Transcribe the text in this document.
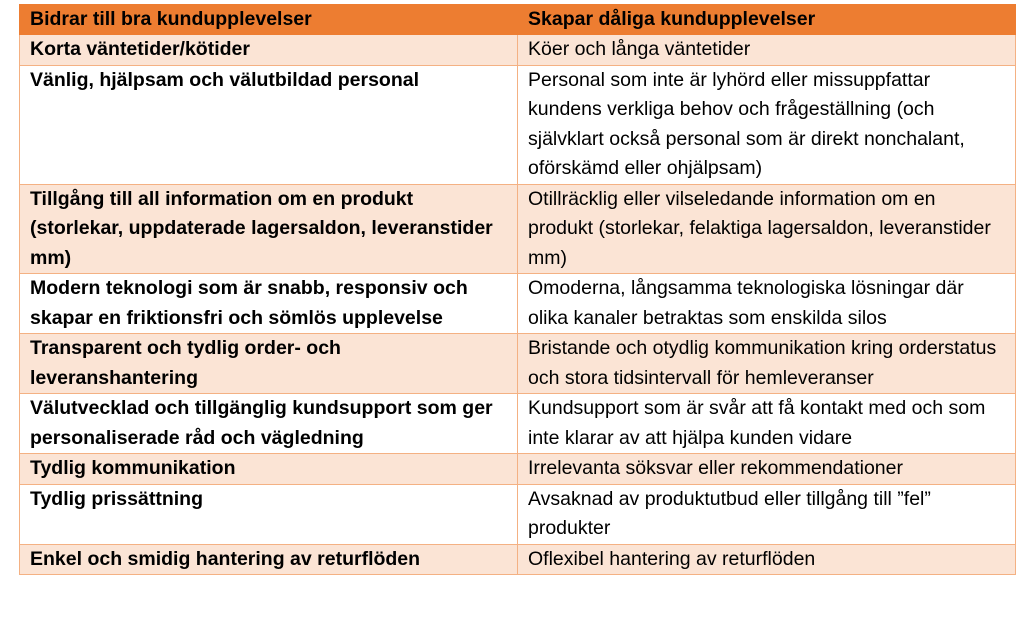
Bidrar till bra kundupplevelser	Skapar dåliga kundupplevelser
Korta väntetider/kötider	Köer och långa väntetider
Vänlig, hjälpsam och välutbildad personal	Personal som inte är lyhörd eller missuppfattar kundens verkliga behov och frågeställning (och självklart också personal som är direkt nonchalant, oförskämd eller ohjälpsam)
Tillgång till all information om en produkt (storlekar, uppdaterade lagersaldon, leveranstider mm)	Otillräcklig eller vilseledande information om en produkt (storlekar, felaktiga lagersaldon, leveranstider mm)
Modern teknologi som är snabb, responsiv och skapar en friktionsfri och sömlös upplevelse	Omoderna, långsamma teknologiska lösningar där olika kanaler betraktas som enskilda silos
Transparent och tydlig order- och leveranshantering	Bristande och otydlig kommunikation kring orderstatus och stora tidsintervall för hemleveranser
Välutvecklad och tillgänglig kundsupport som ger personaliserade råd och vägledning	Kundsupport som är svår att få kontakt med och som inte klarar av att hjälpa kunden vidare
Tydlig kommunikation	Irrelevanta söksvar eller rekommendationer
Tydlig prissättning	Avsaknad av produktutbud eller tillgång till ”fel” produkter
Enkel och smidig hantering av returflöden	Oflexibel hantering av returflöden
